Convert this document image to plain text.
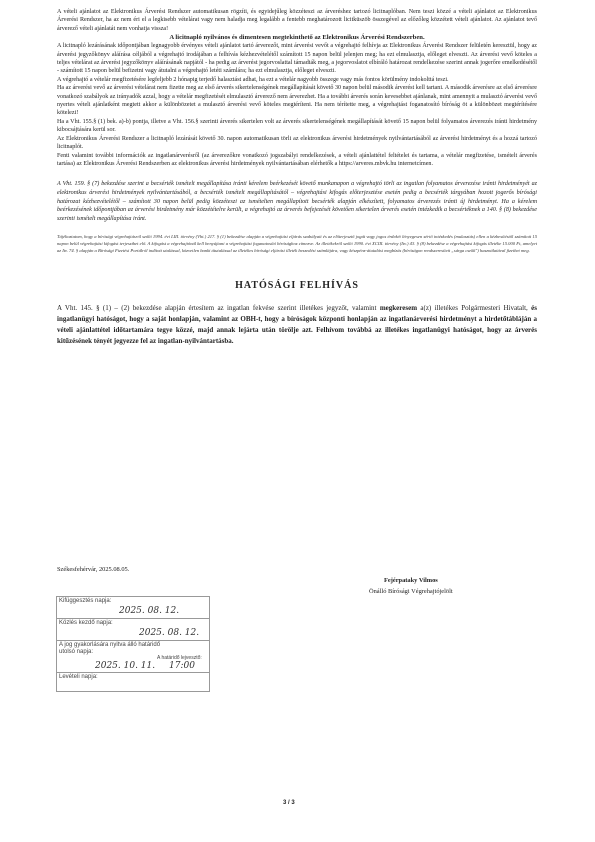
A vételi ajánlatot az Elektronikus Árverési Rendszer automatikusan rögzíti, és egyidejűleg közzéteszi az árveréshez tartozó licitnaplóban. Nem teszi közzé a vételi ajánlatot az Elektronikus Árverési Rendszer, ha az nem éri el a legkisebb vételárat vagy nem haladja meg legalább a fentebb meghatározott licitküszöb összegével az előzőleg közzétett vételi ajánlatot. Az ajánlatot tevő árverező vételi ajánlatát nem vonhatja vissza!

A licitnapló nyilvános és dimentesen megtekinthető az Elektronikus Árverési Rendszerben.

A licitnapló lezárásának időpontjában legnagyobb érvényes vételi ajánlatot tartó árverezőt, mint árverési vevőt a végrehajtó felhívja az Elektronikus Árverési Rendszer felületén keresztül, hogy az árverési jegyzőkönyv aláírása céljából a végrehajtó irodájában a felhívás kézhezvételétől számított 15 napon belül jelenjen meg; ha ezt elmulasztja, előleget elveszti. Az árverési vevő köteles a teljes vételárat az árverési jegyzőkönyv aláírásának napjától - ha pedig az árverést jegorvoslattal támadták meg, a jegorvoslatot elbíráló határozat rendelkezése szerint annak jogerőre emelkedésétől - számított 15 napon belül befizetni vagy átutalni a végrehajtó letéti számlára; ha ezt elmulasztja, előleget elveszti.

A végrehajtó a vételár megfizetésére legfeljebb 2 hónapig terjedő halasztást adhat, ha ezt a vételár nagyobb összege vagy más fontos körülmény indokolttá teszi.

Ha az árverési vevő az árverési vételárat nem fizette meg az első árverés sikertelenségének megállapítását követő 30 napon belül második árverést kell tartani. A második árverésre az első árverésre vonatkozó szabályok az irányadók azzal, hogy a vételár megfizetését elmulasztó árverező nem árverezhet. Ha a további árverés során kevesebbet ajánlanak, mint amennyit a mulasztó árverési vevő nyertes vételi ajánlatként megtett akkor a különbözetet a mulasztó árverési vevő köteles megtéríteni. Ha nem térítette meg, a végrehajtást foganatosító bíróság öt a különbözet megtérítésére kötelezi!

Ha a Vht. 155.§ (1) bek. a)-b) pontja, illetve a Vht. 156.§ szerinti árverés sikertelen volt az árverés sikertelenségének megállapítását követő 15 napon belül folyamatos árverezés iránti hirdetmény kibocsájtására kerül sor.

Az Elektronikus Árverési Rendszer a licitnapló lezárását követő 30. napon automatikusan törli az elektronikus árverési hirdetmények nyilvántartásából az árverési hirdetményt és a hozzá tartozó licitnaplót.

Fenti valamint további információk az ingatlanárverésről (az árverezőkre vonatkozó jogszabályi rendelkezések, a vételi ajánlattétel feltételei és tartama, a vételár megfizetése, ismételt árverés tartása) az Elektronikus Árverési Rendszerben az elektronikus árverési hirdetmények nyilvántartásában elérhetők a https://arveres.mbvk.hu internetcímen.

A Vht. 159. § (7) bekezdése szerint a becsérték ismételt megállapítása iránti kérelem beérkezését követő munkanapon a végrehajtó törli az ingatlan folyamatos árverezése iránti hirdetményét az elektronikus árverési hirdetmények nyilvántartásából, a becsérték ismételt megállapításától – végrehajtási kifogás előterjesztése esetén pedig a becsérték tárgyában hozott jogerős bírósági határozat kézhezvételétől – számított 30 napon belül pedig közzéteszi az ismételten megállapított becsérték alapján elkészített, folyamatos árverezés iránti új hirdetményt. Ha a kérelem beérkezésének időpontjában az árverési hirdetmény már közzétételre került, a végrehajtó az árverés befejezését követően sikertelen árverés esetén intézkedik a becsértéknek a 140. § (8) bekezdése szerinti ismételt megállapítása iránt.

Tájékoztatom, hogy a bírósági végrehajtásról szóló 1994. évi LIII. törvény (Vht.) 217. § (1) bekezdése alapján a végrehajtási eljárás szabályait és az előterjesztő jogát vagy jogos érdekét lényegesen sértő intézkedés (mulasztás) ellen a kézbesítéstől számított 15 napon belül végrehajtási kifogást terjeszthet elő. A kifogást a végrehajtónál kell benyújtani a végrehajtást foganatosító bírósághoz címezve. Az illetékekről szóló 1990. évi XCIII. törvény (Itv.) 43. § (8) bekezdése a végrehajtási kifogás illetéke 15.000 Ft, amelyet az Itv. 74. § alapján a Bírósági Fizetési Portálról indított utalással, közvetlen banki átutalással az illetékes bírósági eljárási illeték beszedési számlájára, vagy készpénz-átutalási megbízás (bíróságon rendszeresített „sárga csekk") használatával fizethet meg.

HATÓSÁGI FELHÍVÁS

A Vht. 145. § (1) – (2) bekezdése alapján értesítem az ingatlan fekvése szerint illetékes jegyzőt, valamint megkeresem a(z) illetékes Polgármesteri Hivatalt, és ingatlanügyi hatóságot, hogy a saját honlapján, valamint az OBH-t, hogy a bíróságok központi honlapján az ingatlanárverési hirdetményt a hirdetőtábláján a vételi ajánlattétel időtartamára tegye közzé, majd annak lejárta után törölje azt. Felhívom továbbá az illetékes ingatlanügyi hatóságot, hogy az árverés kitűzésének tényét jegyezze fel az ingatlan-nyilvántartásba.

Székesfehérvár, 2025.08.05.
Fejérpataky Vilmos
Önálló Bírósági Végrehajtójelölt
Kifüggesztés napja:
2025. 08. 12.
Közlés kezdő napja:
2025. 08. 12.
A jog gyakorlására nyitva álló határidő utolsó napja:
A határidő lejvesztő:
2025. 10. 11. 17:00
Levételi napja:
3 / 3
